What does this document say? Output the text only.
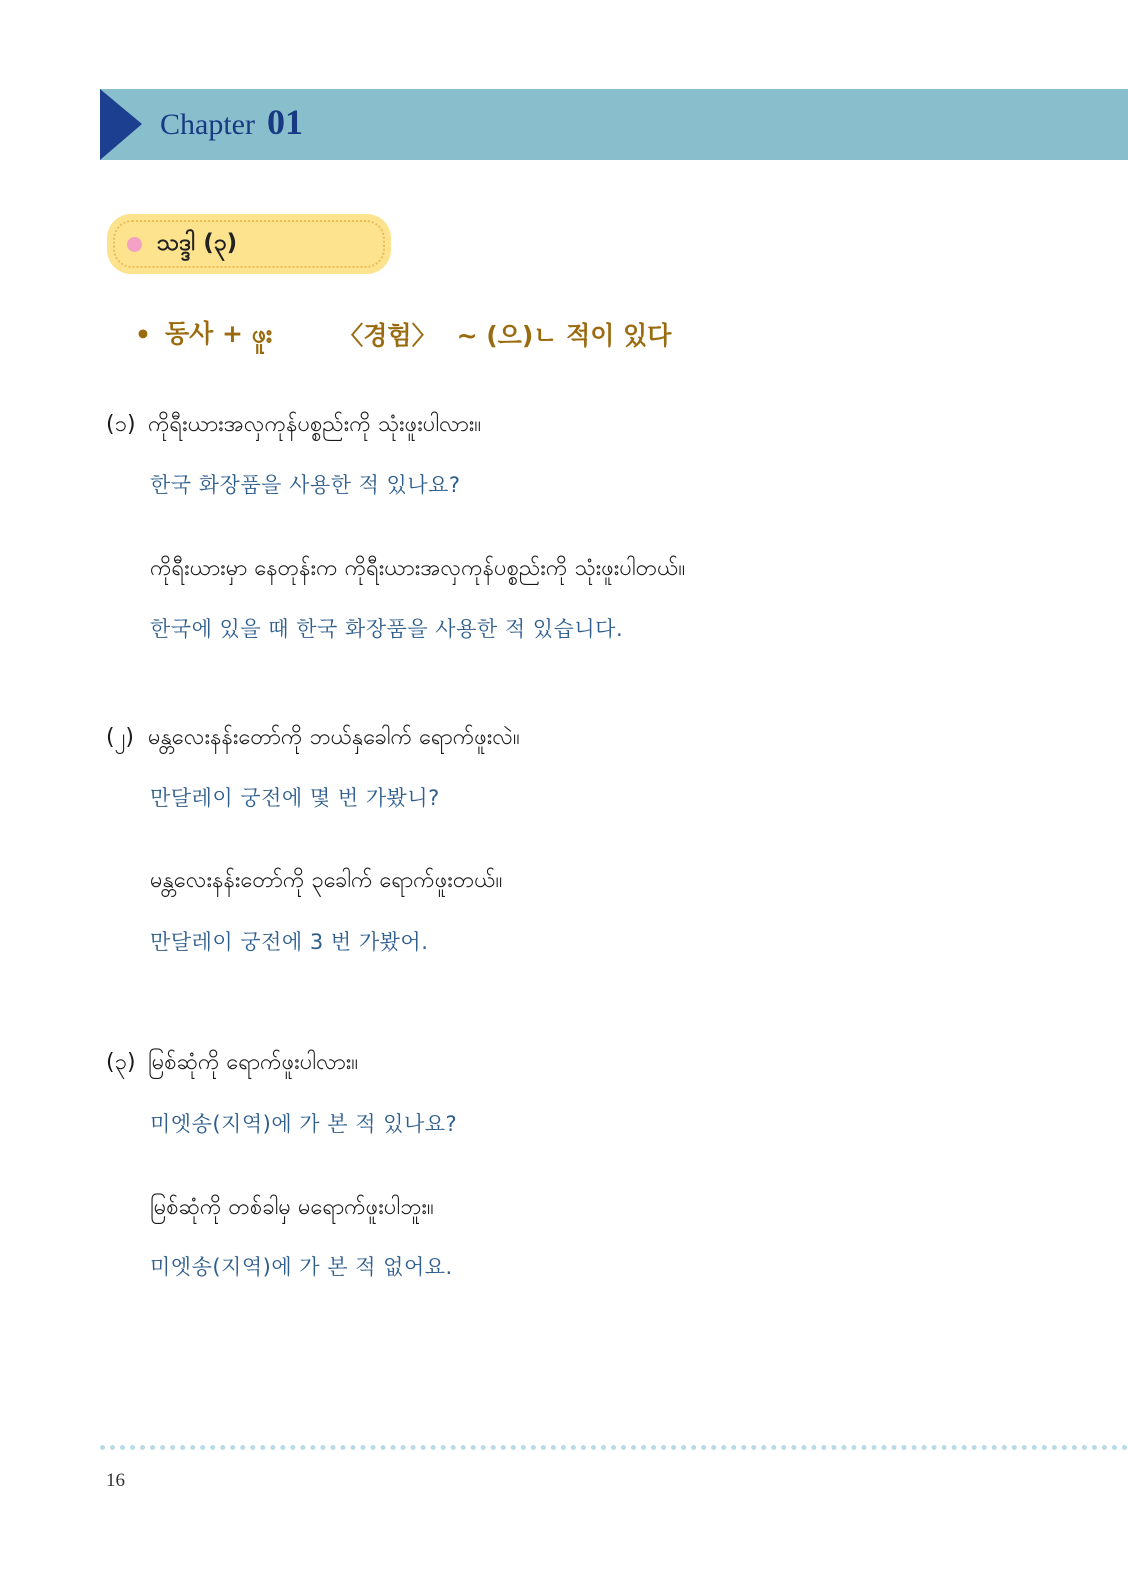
Chapter 01
သဒ္ဒါ (၃)
• 동사 + ဖူး	〈경험〉 ~ (으)ㄴ 적이 있다
(၁) ကိုရီးယားအလှကုန်ပစ္စည်းကို သုံးဖူးပါလား။
한국 화장품을 사용한 적 있나요?
ကိုရီးယားမှာ နေတုန်းက ကိုရီးယားအလှကုန်ပစ္စည်းကို သုံးဖူးပါတယ်။
한국에 있을 때 한국 화장품을 사용한 적 있습니다.
(၂) မန္တလေးနန်းတော်ကို ဘယ်နှခေါက် ရောက်ဖူးလဲ။
만달레이 궁전에 몇 번 가봤니?
မန္တလေးနန်းတော်ကို ၃ခေါက် ရောက်ဖူးတယ်။
만달레이 궁전에 3 번 가봤어.
(၃) မြစ်ဆုံကို ရောက်ဖူးပါလား။
미엣송(지역)에 가 본 적 있나요?
မြစ်ဆုံကို တစ်ခါမှ မရောက်ဖူးပါဘူး။
미엣송(지역)에 가 본 적 없어요.
16
